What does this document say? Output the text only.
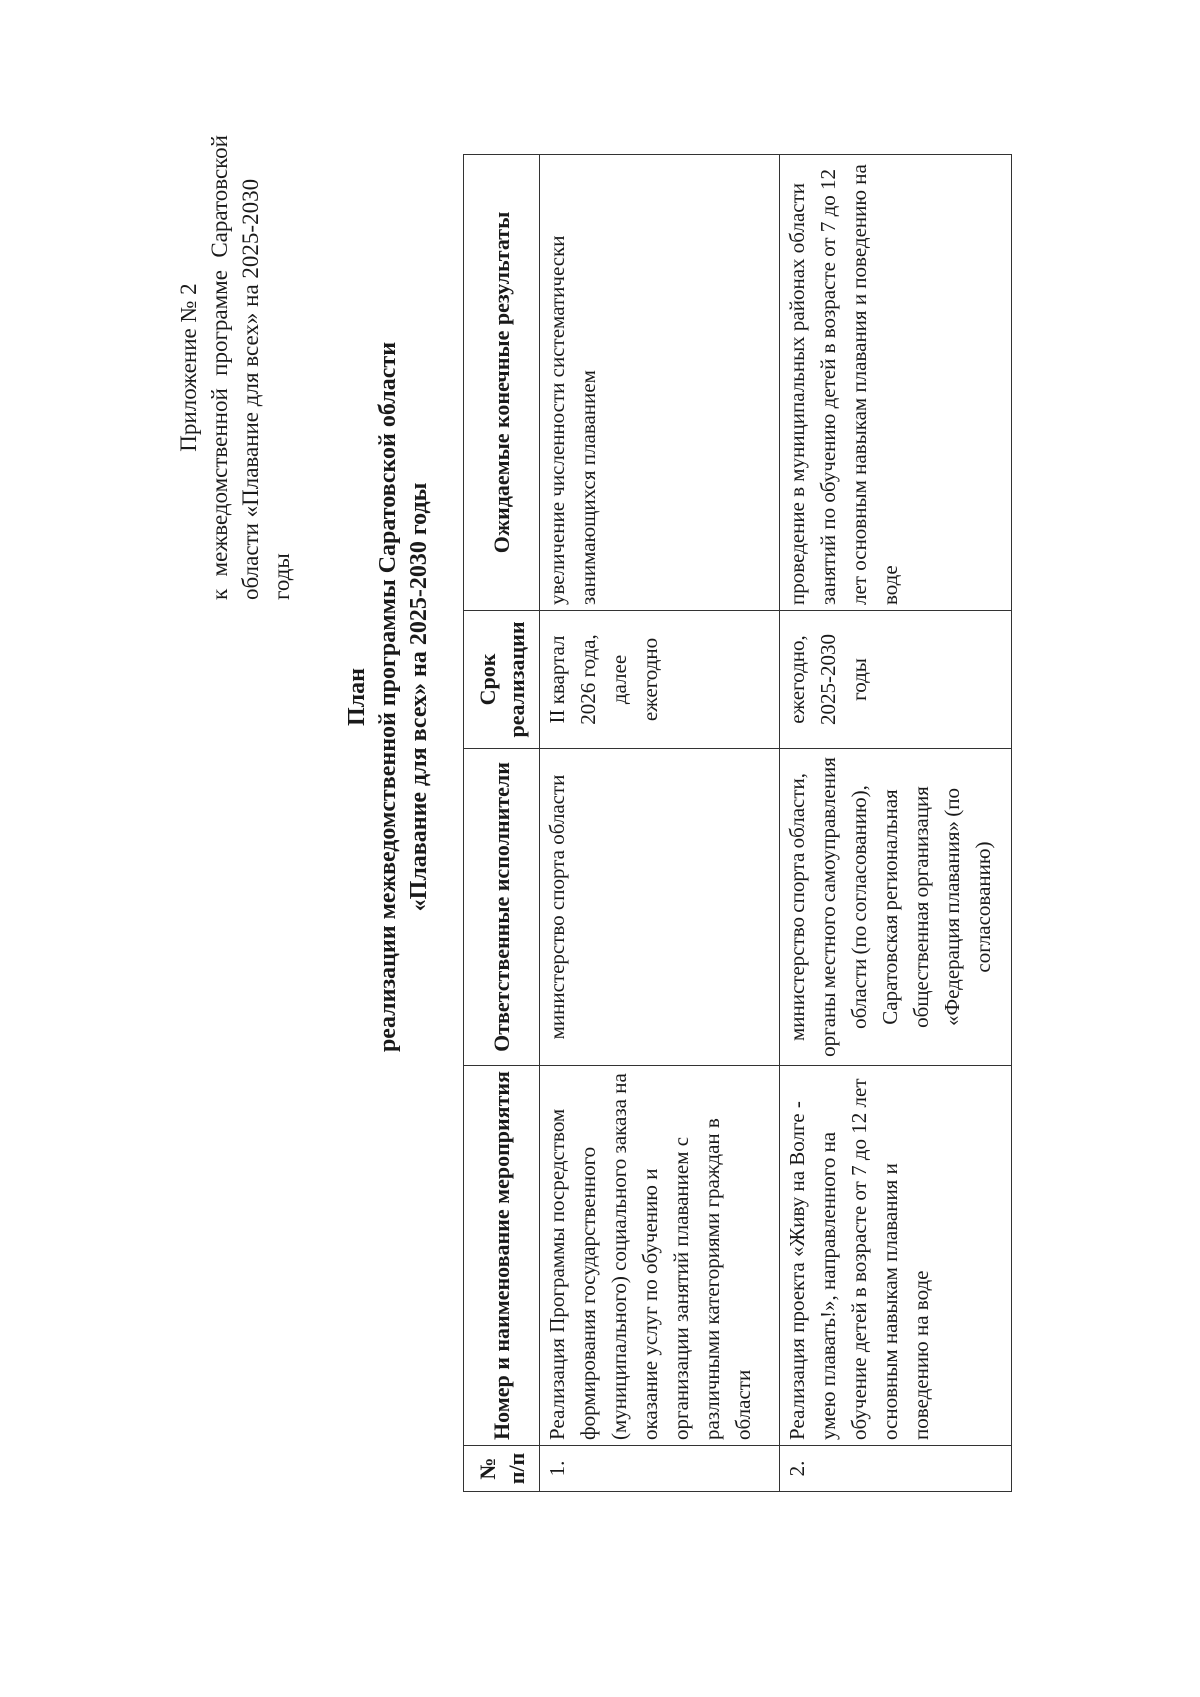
Приложение № 2
к
межведомственной
программе
Саратовской области «Плавание для всех» на 2025-2030 годы
План реализации межведомственной программы Саратовской области «Плавание для всех» на 2025-2030 годы
№ п/п	Номер и наименование мероприятия	Ответственные исполнители	Срок реализации	Ожидаемые конечные результаты
1.	Реализация Программы посредством формирования государственного (муниципального) социального заказа на оказание услуг по обучению и организации занятий плаванием с различными категориями граждан в области	министерство спорта области	II квартал 2026 года, далее ежегодно	увеличение численности систематически занимающихся плаванием
2.	Реализация проекта «Живу на Волге - умею плавать!», направленного на обучение детей в возрасте от 7 до 12 лет основным навыкам плавания и поведению на воде	министерство спорта области, органы местного самоуправления области (по согласованию), Саратовская региональная общественная организация «Федерация плавания» (по согласованию)	ежегодно, 2025-2030 годы	проведение в муниципальных районах области занятий по обучению детей в возрасте от 7 до 12 лет основным навыкам плавания и поведению на воде
